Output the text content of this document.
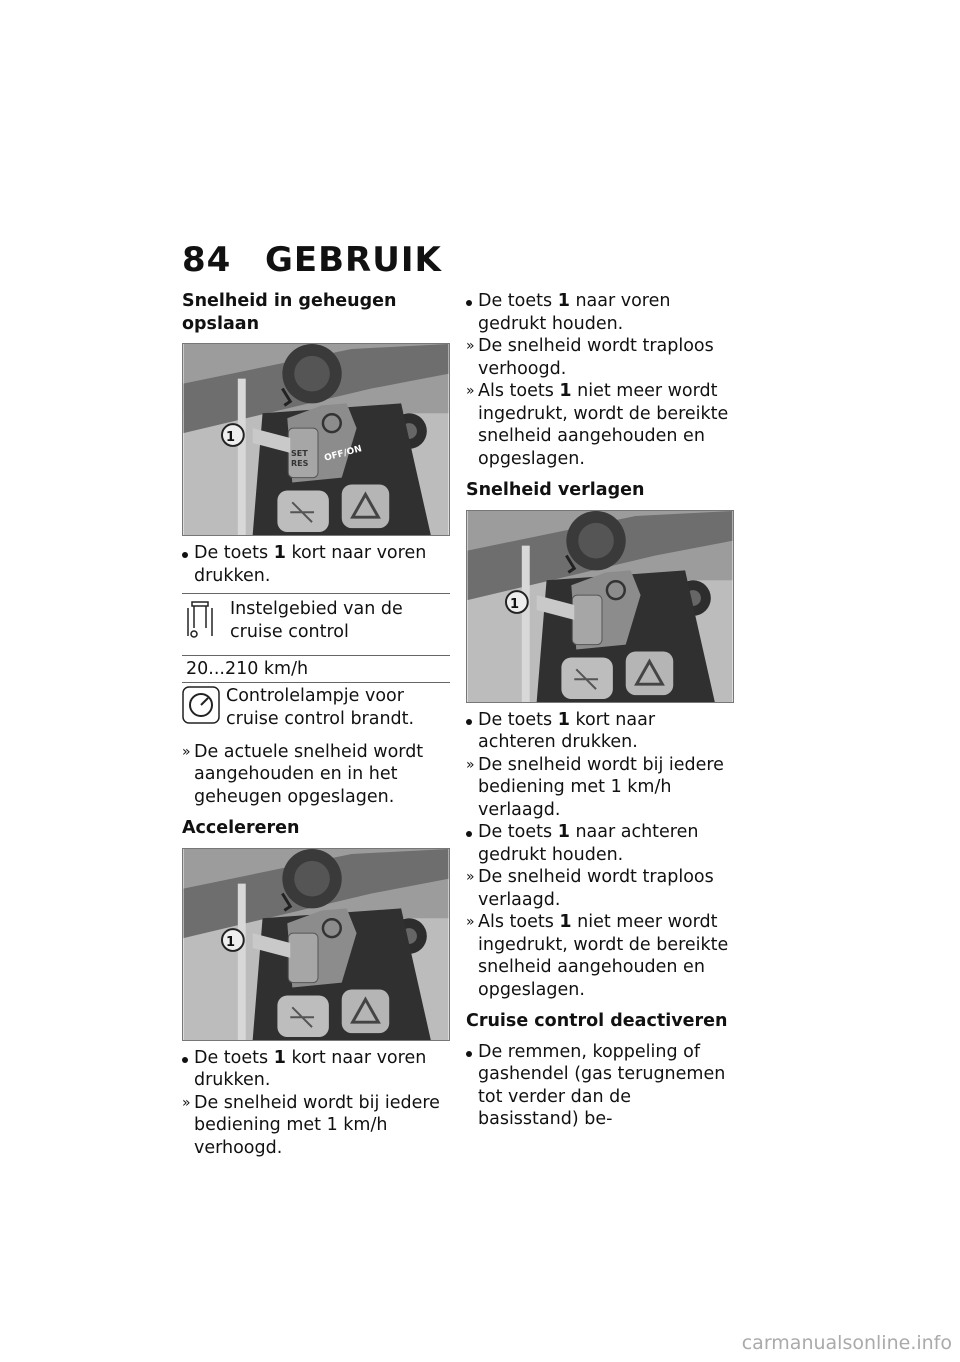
84 GEBRUIK
Snelheid in geheugen opslaan
1
SET
RES OFF/ON
De toets 1 kort naar voren drukken.
Instelgebied van de cruise control
20...210 km/h
Controlelampje voor cruise control brandt.
» De actuele snelheid wordt aangehouden en in het geheugen opgeslagen.
Accelereren
1
De toets 1 kort naar voren drukken.
» De snelheid wordt bij iedere bediening met 1 km/h verhoogd.
De toets 1 naar voren gedrukt houden.
» De snelheid wordt traploos verhoogd.
» Als toets 1 niet meer wordt ingedrukt, wordt de bereikte snelheid aangehouden en opgeslagen.
Snelheid verlagen
1
De toets 1 kort naar achteren drukken.
» De snelheid wordt bij iedere bediening met 1 km/h verlaagd.
De toets 1 naar achteren gedrukt houden.
» De snelheid wordt traploos verlaagd.
» Als toets 1 niet meer wordt ingedrukt, wordt de bereikte snelheid aangehouden en opgeslagen.
Cruise control deactiveren
De remmen, koppeling of gashendel (gas terugnemen tot verder dan de basisstand) be-
carmanualsonline.info
